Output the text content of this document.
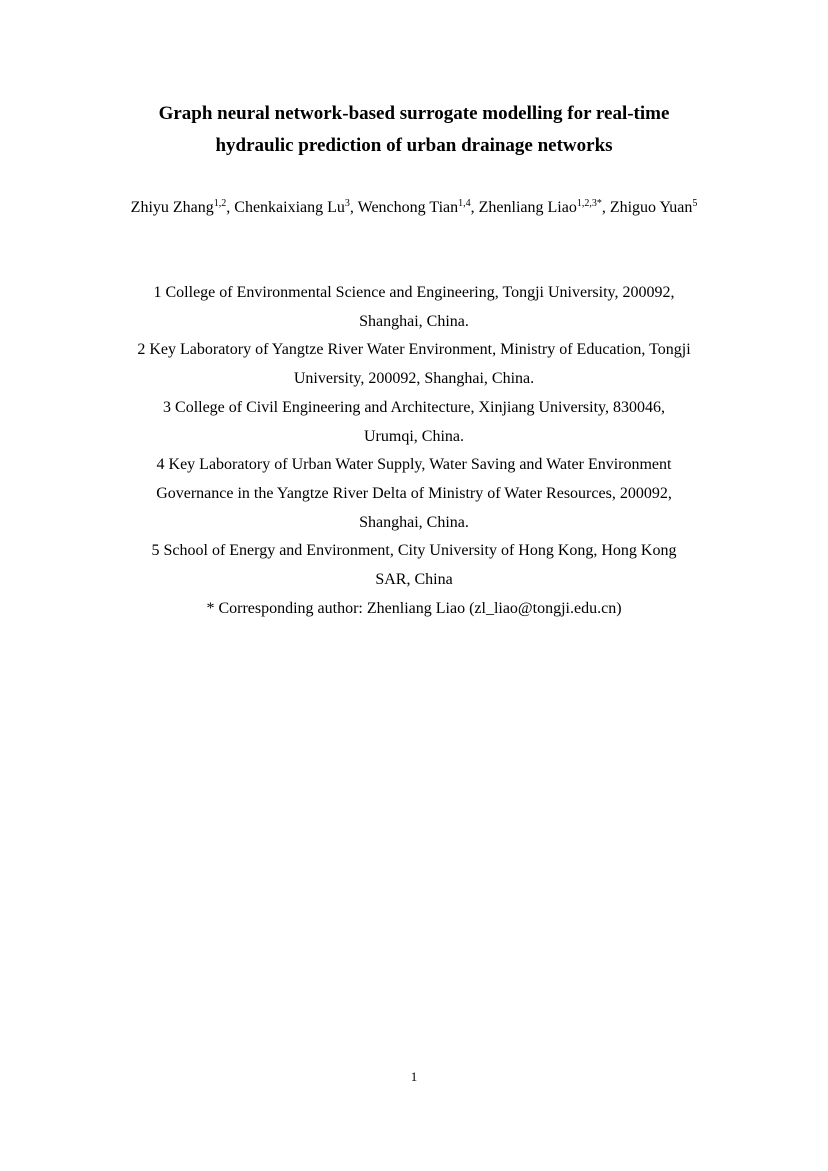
Graph neural network-based surrogate modelling for real-time
hydraulic prediction of urban drainage networks
Zhiyu Zhang$^{1,2}$, Chenkaixiang Lu$^3$, Wenchong Tian$^{1,4}$, Zhenliang Liao$^{1,2,3*}$, Zhiguo Yuan$^5$
1 College of Environmental Science and Engineering, Tongji University, 200092,
Shanghai, China.
2 Key Laboratory of Yangtze River Water Environment, Ministry of Education, Tongji
University, 200092, Shanghai, China.
3 College of Civil Engineering and Architecture, Xinjiang University, 830046,
Urumqi, China.
4 Key Laboratory of Urban Water Supply, Water Saving and Water Environment
Governance in the Yangtze River Delta of Ministry of Water Resources, 200092,
Shanghai, China.
5 School of Energy and Environment, City University of Hong Kong, Hong Kong
SAR, China
* Corresponding author: Zhenliang Liao (zl_liao@tongji.edu.cn)
1
